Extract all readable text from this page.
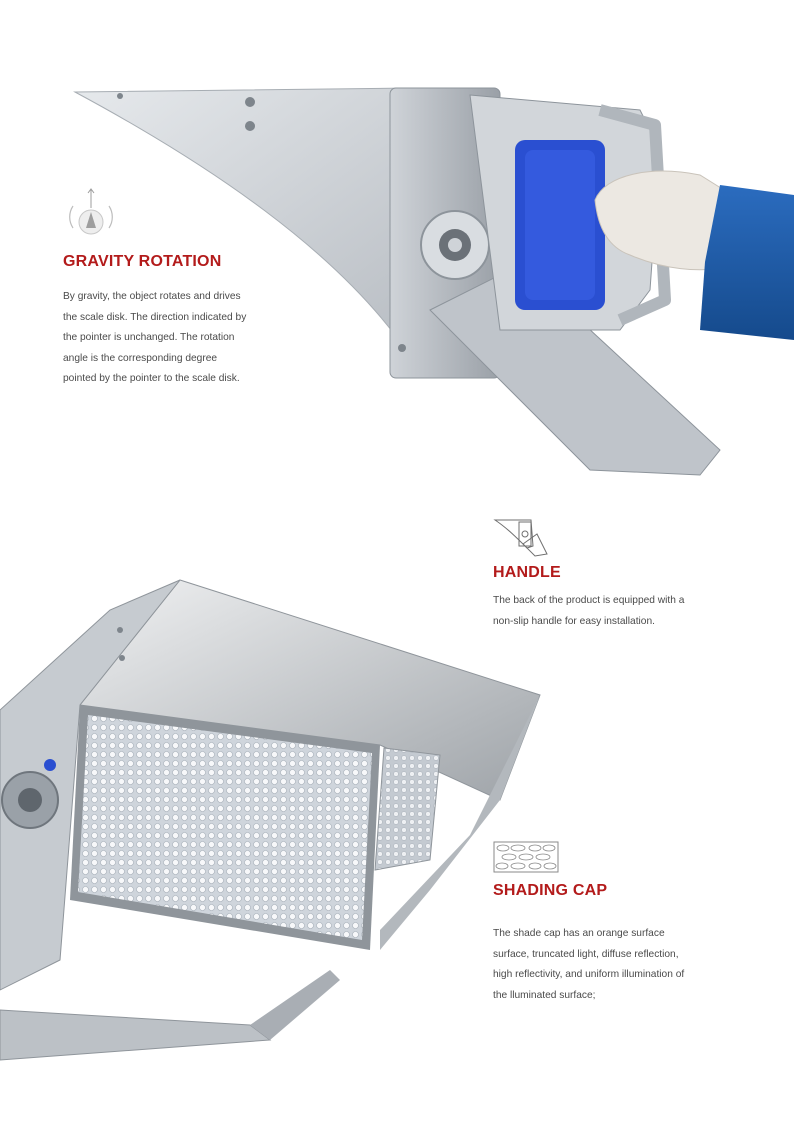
GRAVITY ROTATION

By gravity, the object rotates and drives

the scale disk. The direction indicated by

the pointer is unchanged. The rotation

angle is the corresponding degree

pointed by the pointer to the scale disk.

HANDLE

The back of the product is equipped with a

non-slip handle for easy installation.

SHADING CAP

The shade cap has an orange surface

surface, truncated light, diffuse reflection,

high reflectivity, and uniform illumination of

the lluminated surface;
